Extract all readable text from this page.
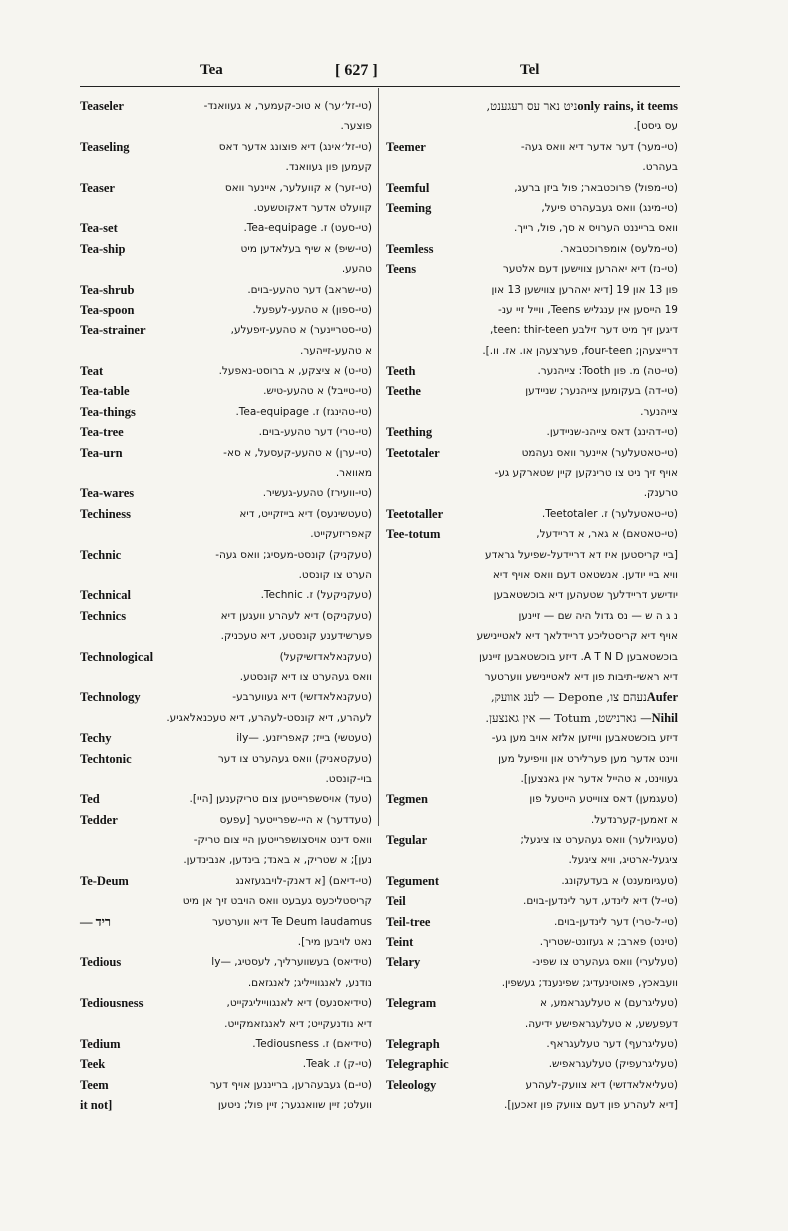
Tea	[ 627 ]	Tel
Teaseler	(טי-זל׳ער) א טוכ-קעמער, א געוואנד-
פוצער.
Teaseling	(טי-זל׳אינג) דיא פוצונג אדער דאס
קעמען פון געוואנד.
Teaser	(טי-זער) א קוועלער, איינער וואס
קוועלט אדער דאקוטשעט.
Tea-set	(טי-סעט) ז. Tea-equipage.
Tea-ship	(טי-שיפ) א שיף בעלאדען מיט
טהעע.
Tea-shrub	(טי-שראב) דער טהעע-בוים.
Tea-spoon	(טי-ספון) א טהעע-לעפעל.
Tea-strainer	(טי-סטריינער) א טהעע-זיפעלע,
א טהעע-זייהער.
Teat	(טי-ט) א ציצקע, א ברוסט-נאפעל.
Tea-table	(טי-טייבל) א טהעע-טיש.
Tea-things	(טי-טהינגז) ז. Tea-equipage.
Tea-tree	(טי-טרי) דער טהעע-בוים.
Tea-urn	(טי-ערן) א טהעע-קעסעל, א סא-
מאוואר.
Tea-wares	(טי-וועירז) טהעע-געשיר.
Techiness	(טעטשינעס) דיא בייזקייט, דיא
קאפריזעקייט.
Technic	(טעקניק) קונסט-מעסיג; וואס געה-
הערט צו קונסט.
Technical	(טעקניקעל) ז. Technic.
Technics	(טעקניקס) דיא לעהרע וועגען דיא
פערשידענע קונסטע, דיא טעכניק.
Technological	(טעקנאלאדזשיקעל)
וואס געהערט צו דיא קונסטע.
Technology	(טעקנאלאדזשי) דיא געווערבע-
לעהרע, דיא קונסט-לעהרע, דיא טעכנאלאגיע.
Techy	(טעטשי) בייז; קאפריזנע. —ily
Techtonic	(טעקטאניק) וואס געהערט צו דער
בוי-קונסט.
Ted	(טעד) אויסשפרייטען צום טריקענען [היי].
Tedder	(טעדדער) א היי-שפרייטער [עפעס
וואס דינט אויסצושפרייטען היי צום טריק-
נען]; א שטריק, א באנד; בינדען, אנבינדען.
Te-Deum	(טי-דיאם) [א דאנק-לויבגעזאנג
קריסטליכעס געבעט וואס הויבט זיך אן מיט
— ריד	Te Deum laudamus דיא ווערטער
נאט לויבען מיר].
Tedious	(טידיאס) בעשווערליך, לעסטיג, —ly
נודנע, לאנגווייליג; לאנגזאם.
Tediousness	(טידיאסנעס) דיא לאנגווייליגקייט,
דיא נודנעקייט; דיא לאנגזאמקייט.
Tedium	(טידיאם) ז. Tediousness.
Teek	(טי-ק) ז. Teak.
Teem	(טי-ם) געבעהרען, ברייננען אויף דער
it not]	וועלט; זיין שוואנגער; זיין פול; ניטען
ניט נאר עס רעגענט, only rains, it teems
עס גיסט].
Teemer	(טי-מער) דער אדער דיא וואס געה-
בעהרט.
Teemful	(טי-מפול) פרוכטבאר; פול ביזן ברעג,
Teeming	(טי-מינג) וואס געבעהרט פיעל,
וואס ברייננט הערויס א סך, פול, רייך.
Teemless	(טי-מלעס) אומפרוכטבאר.
Teens	(טי-נז) דיא יאהרען צווישען דעם אלטער
פון 13 און 19 [דיא יאהרען צווישען 13 און
19 הייסען אין ענגליש Teens, ווייל זיי ענ-
דיגען זיך מיט דער זילבע teen: thir-teen,
דרייצעהן; four-teen, פערצעהן או. אז. וו.].
Teeth	(טי-טה) מ. פון Tooth: צייהנער.
Teethe	(טי-דה) בעקומען צייהנער; שניידען
צייהנער.
Teething	(טי-דהינג) דאס צייהנ-שניידען.
Teetotaler	(טי-טאטעלער) איינער וואס נעהמט
אויף זיך ניט צו טרינקען קיין שטארקע גע-
טרענק.
Teetotaller	(טי-טאטעלער) ז. Teetotaler.
Tee-totum	(טי-טאטאם) א גאר, א דריידעל,
[ביי קריסטען איז דא דריידעל-שפיעל גראדע
וויא ביי יודען. אנשטאט דעם וואס אויף דיא
יודישע דריידלעך שטעהען דיא בוכשטאבען
נ ג ה ש — נס גדול היה שם — זיינען
אויף דיא קריסטליכע דריידלאך דיא לאטיינישע
בוכשטאבען A T N D. דיזע בוכשטאבען זיינען
דיא ראשי-תיבות פון דיא לאטיינישע ווערטער
נעהם צו, Depone — לעג אוועק, Aufer
— גארנישט, Totum — אין גאנצען. Nihil
דיזע בוכשטאבען ווייזען אלזא אויב מען גע-
ווינט אדער מען פערלירט און וויפיעל מען
געווינט, א טהייל אדער אין גאנצען].
Tegmen	(טעגמען) דאס צווייטע הייטעל פון
א זאמען-קערנדעל.
Tegular	(טעגיולער) וואס געהערט צו ציגעל;
ציגעל-ארטיג, וויא ציגעל.
Tegument	(טעגיומענט) א בעדעקונג.
Teil	(טי-ל) דיא לינדע, דער לינדען-בוים.
Teil-tree	(טי-ל-טרי) דער לינדען-בוים.
Teint	(טינט) פארב; א געזונט-שטריך.
Telary	(טעלערי) וואס געהערט צו שפינ-
וועבאכץ, פאוטינעדיג; שפינענד; געשפין.
Telegram	(טעליגרעם) א טעלעגראמע, א
דעפעשע, א טעלעגראפישע ידיעה.
Telegraph	(טעליגרעף) דער טעלעגראף.
Telegraphic	(טעליגרעפיק) טעלעגראפיש.
Teleology	(טעליאלאדזשי) דיא צוועק-לעהרע
[דיא לעהרע פון דעם צוועק פון זאכען].
